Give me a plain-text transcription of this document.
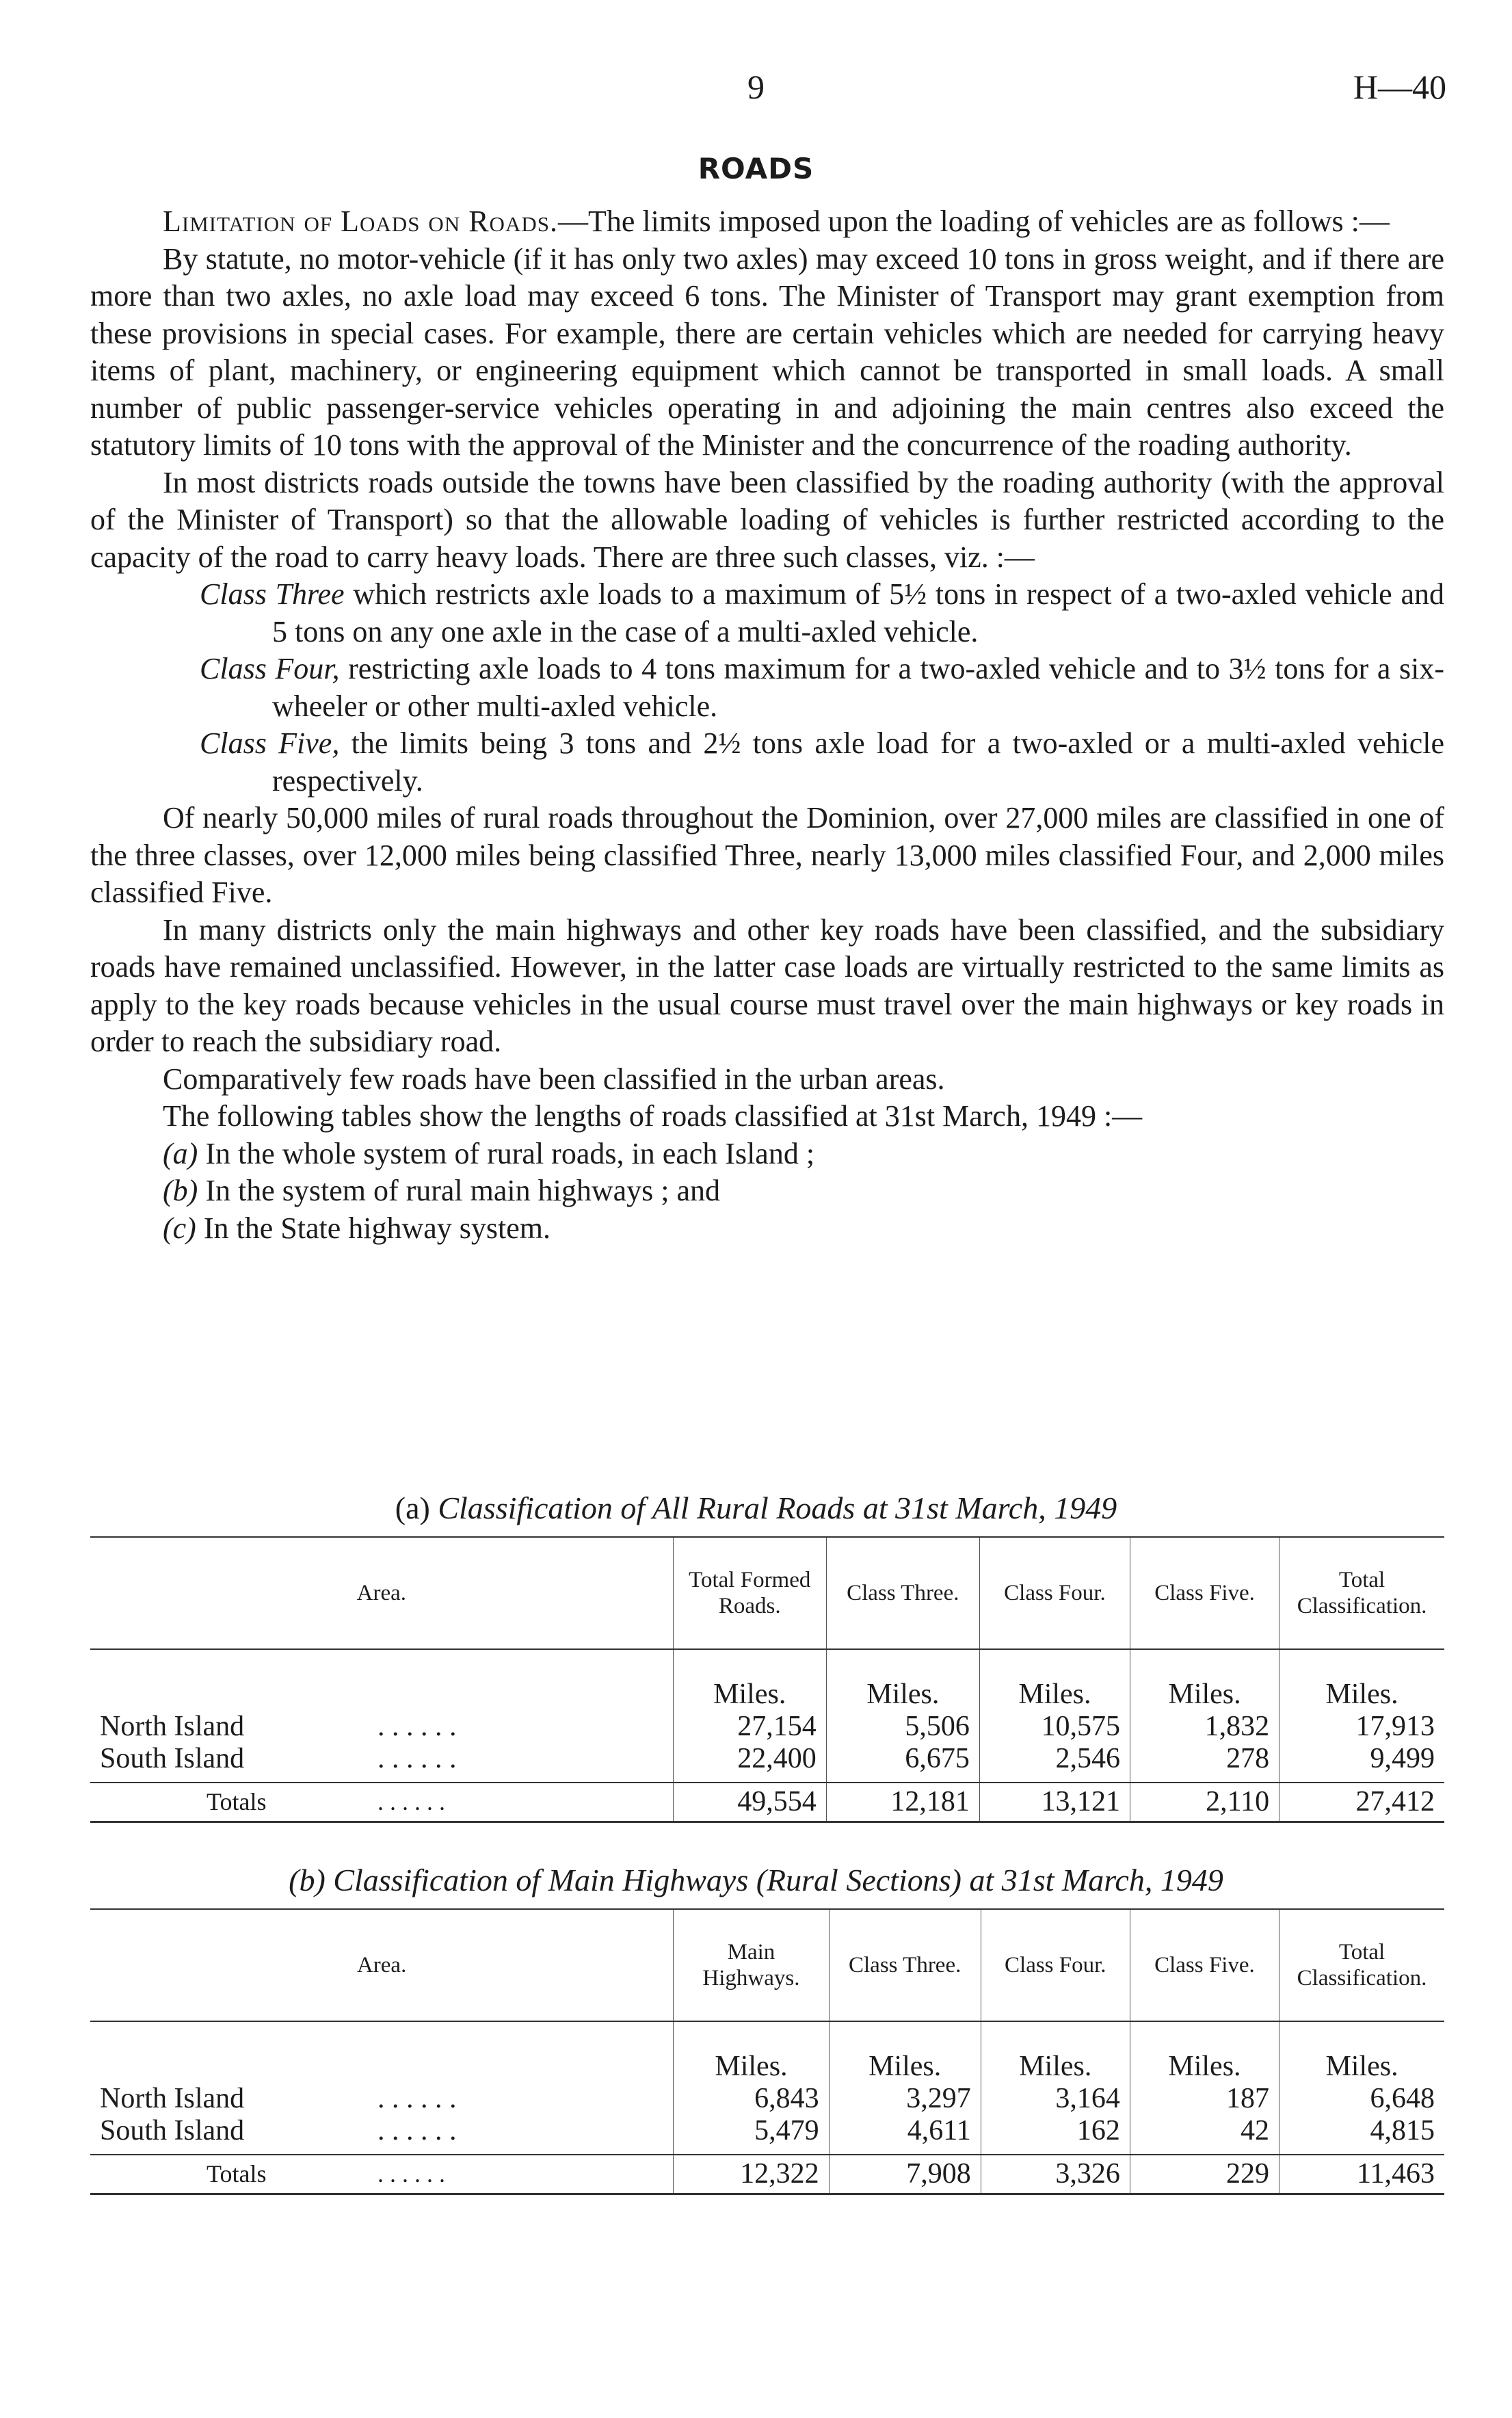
9	H—40
ROADS

Limitation of Loads on Roads.—The limits imposed upon the loading of vehicles are as follows :—

By statute, no motor-vehicle (if it has only two axles) may exceed 10 tons in gross weight, and if there are more than two axles, no axle load may exceed 6 tons. The Minister of Transport may grant exemption from these provisions in special cases. For example, there are certain vehicles which are needed for carrying heavy items of plant, machinery, or engineering equipment which cannot be transported in small loads. A small number of public passenger-service vehicles operating in and adjoining the main centres also exceed the statutory limits of 10 tons with the approval of the Minister and the concurrence of the roading authority.

In most districts roads outside the towns have been classified by the roading authority (with the approval of the Minister of Transport) so that the allowable loading of vehicles is further restricted according to the capacity of the road to carry heavy loads. There are three such classes, viz. :—

Class Three which restricts axle loads to a maximum of 5½ tons in respect of a two-axled vehicle and 5 tons on any one axle in the case of a multi-axled vehicle.

Class Four, restricting axle loads to 4 tons maximum for a two-axled vehicle and to 3½ tons for a six-wheeler or other multi-axled vehicle.

Class Five, the limits being 3 tons and 2½ tons axle load for a two-axled or a multi-axled vehicle respectively.

Of nearly 50,000 miles of rural roads throughout the Dominion, over 27,000 miles are classified in one of the three classes, over 12,000 miles being classified Three, nearly 13,000 miles classified Four, and 2,000 miles classified Five.

In many districts only the main highways and other key roads have been classified, and the subsidiary roads have remained unclassified. However, in the latter case loads are virtually restricted to the same limits as apply to the key roads because vehicles in the usual course must travel over the main highways or key roads in order to reach the subsidiary road.

Comparatively few roads have been classified in the urban areas.

The following tables show the lengths of roads classified at 31st March, 1949 :—

(a) In the whole system of rural roads, in each Island ;

(b) In the system of rural main highways ; and

(c) In the State highway system.

(a) Classification of All Rural Roads at 31st March, 1949
Area.	Total Formed Roads.	Class Three.	Class Four.	Class Five.	Total Classification.
	Miles.	Miles.	Miles.	Miles.	Miles.
North Island . . . . . .	27,154	5,506	10,575	1,832	17,913
South Island . . . . . .	22,400	6,675	2,546	278	9,499
Totals . . . . . .	49,554	12,181	13,121	2,110	27,412
(b) Classification of Main Highways (Rural Sections) at 31st March, 1949
Area.	Main Highways.	Class Three.	Class Four.	Class Five.	Total Classification.
	Miles.	Miles.	Miles.	Miles.	Miles.
North Island . . . . . .	6,843	3,297	3,164	187	6,648
South Island . . . . . .	5,479	4,611	162	42	4,815
Totals . . . . . .	12,322	7,908	3,326	229	11,463
